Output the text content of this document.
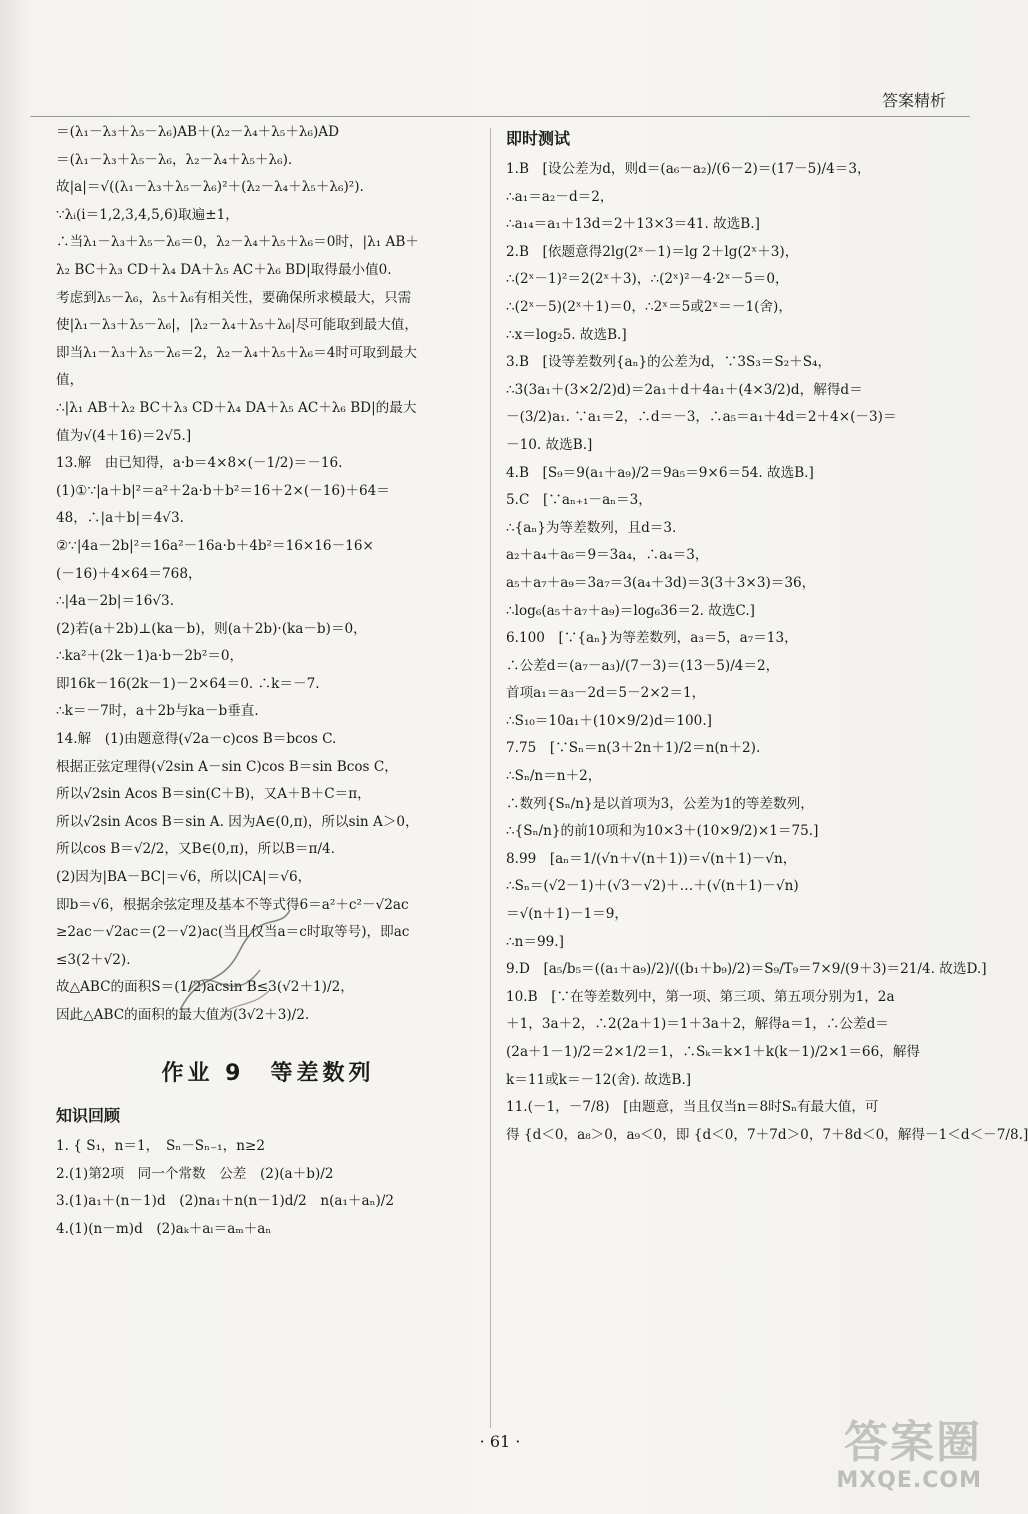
答案精析
＝(λ₁－λ₃＋λ₅－λ₆)AB＋(λ₂－λ₄＋λ₅＋λ₆)AD
＝(λ₁－λ₃＋λ₅－λ₆，λ₂－λ₄＋λ₅＋λ₆).
故|a|＝√((λ₁－λ₃＋λ₅－λ₆)²＋(λ₂－λ₄＋λ₅＋λ₆)²).
∵λᵢ(i＝1,2,3,4,5,6)取遍±1，
∴当λ₁－λ₃＋λ₅－λ₆＝0，λ₂－λ₄＋λ₅＋λ₆＝0时，|λ₁ AB＋
λ₂ BC＋λ₃ CD＋λ₄ DA＋λ₅ AC＋λ₆ BD|取得最小值0.
考虑到λ₅－λ₆，λ₅＋λ₆有相关性，要确保所求模最大，只需
使|λ₁－λ₃＋λ₅－λ₆|，|λ₂－λ₄＋λ₅＋λ₆|尽可能取到最大值，
即当λ₁－λ₃＋λ₅－λ₆＝2，λ₂－λ₄＋λ₅＋λ₆＝4时可取到最大
值，
∴|λ₁ AB＋λ₂ BC＋λ₃ CD＋λ₄ DA＋λ₅ AC＋λ₆ BD|的最大
值为√(4＋16)＝2√5.]
13.解　由已知得，a·b＝4×8×(－1/2)＝－16.
(1)①∵|a＋b|²＝a²＋2a·b＋b²＝16＋2×(－16)＋64＝
48，∴|a＋b|＝4√3.
②∵|4a－2b|²＝16a²－16a·b＋4b²＝16×16－16×
(－16)＋4×64＝768，
∴|4a－2b|＝16√3.
(2)若(a＋2b)⊥(ka－b)，则(a＋2b)·(ka－b)＝0，
∴ka²＋(2k－1)a·b－2b²＝0，
即16k－16(2k－1)－2×64＝0. ∴k＝－7.
∴k＝－7时，a＋2b与ka－b垂直.
14.解　(1)由题意得(√2a－c)cos B＝bcos C.
根据正弦定理得(√2sin A－sin C)cos B＝sin Bcos C，
所以√2sin Acos B＝sin(C＋B)，又A＋B＋C＝π，
所以√2sin Acos B＝sin A. 因为A∈(0,π)，所以sin A＞0，
所以cos B＝√2/2，又B∈(0,π)，所以B＝π/4.
(2)因为|BA－BC|＝√6，所以|CA|＝√6，
即b＝√6，根据余弦定理及基本不等式得6＝a²＋c²－√2ac
≥2ac－√2ac＝(2－√2)ac(当且仅当a＝c时取等号)，即ac
≤3(2＋√2).
故△ABC的面积S＝(1/2)acsin B≤3(√2＋1)/2，
因此△ABC的面积的最大值为(3√2＋3)/2.
作业 9　等差数列
知识回顾
1. { S₁，n＝1，　Sₙ－Sₙ₋₁，n≥2
2.(1)第2项　同一个常数　公差　(2)(a＋b)/2
3.(1)a₁＋(n－1)d　(2)na₁＋n(n－1)d/2　n(a₁＋aₙ)/2
4.(1)(n－m)d　(2)aₖ＋aₗ＝aₘ＋aₙ
即时测试
1.B　[设公差为d，则d＝(a₆－a₂)/(6－2)＝(17－5)/4＝3，
∴a₁＝a₂－d＝2，
∴a₁₄＝a₁＋13d＝2＋13×3＝41. 故选B.]
2.B　[依题意得2lg(2ˣ－1)＝lg 2＋lg(2ˣ＋3)，
∴(2ˣ－1)²＝2(2ˣ＋3)，∴(2ˣ)²－4·2ˣ－5＝0，
∴(2ˣ－5)(2ˣ＋1)＝0，∴2ˣ＝5或2ˣ＝－1(舍)，
∴x＝log₂5. 故选B.]
3.B　[设等差数列{aₙ}的公差为d，∵3S₃＝S₂＋S₄，
∴3(3a₁＋(3×2/2)d)＝2a₁＋d＋4a₁＋(4×3/2)d，解得d＝
－(3/2)a₁. ∵a₁＝2，∴d＝－3，∴a₅＝a₁＋4d＝2＋4×(－3)＝
－10. 故选B.]
4.B　[S₉＝9(a₁＋a₉)/2＝9a₅＝9×6＝54. 故选B.]
5.C　[∵aₙ₊₁－aₙ＝3，
∴{aₙ}为等差数列，且d＝3.
a₂＋a₄＋a₆＝9＝3a₄，∴a₄＝3，
a₅＋a₇＋a₉＝3a₇＝3(a₄＋3d)＝3(3＋3×3)＝36，
∴log₆(a₅＋a₇＋a₉)＝log₆36＝2. 故选C.]
6.100　[∵{aₙ}为等差数列，a₃＝5，a₇＝13，
∴公差d＝(a₇－a₃)/(7－3)＝(13－5)/4＝2，
首项a₁＝a₃－2d＝5－2×2＝1，
∴S₁₀＝10a₁＋(10×9/2)d＝100.]
7.75　[∵Sₙ＝n(3＋2n＋1)/2＝n(n＋2).
∴Sₙ/n＝n＋2，
∴数列{Sₙ/n}是以首项为3，公差为1的等差数列，
∴{Sₙ/n}的前10项和为10×3＋(10×9/2)×1＝75.]
8.99　[aₙ＝1/(√n＋√(n＋1))＝√(n＋1)－√n，
∴Sₙ＝(√2－1)＋(√3－√2)＋…＋(√(n＋1)－√n)
＝√(n＋1)－1＝9，
∴n＝99.]
9.D　[a₅/b₅＝((a₁＋a₉)/2)/((b₁＋b₉)/2)＝S₉/T₉＝7×9/(9＋3)＝21/4. 故选D.]
10.B　[∵在等差数列中，第一项、第三项、第五项分别为1，2a
＋1，3a＋2，∴2(2a＋1)＝1＋3a＋2，解得a＝1，∴公差d＝
(2a＋1－1)/2＝2×1/2＝1，∴Sₖ＝k×1＋k(k－1)/2×1＝66，解得
k＝11或k＝－12(舍). 故选B.]
11.(－1，－7/8)　[由题意，当且仅当n＝8时Sₙ有最大值，可
得 {d＜0，a₈＞0，a₉＜0，即 {d＜0，7＋7d＞0，7＋8d＜0，解得－1＜d＜－7/8.]
· 61 ·	答案圈
MXQE.COM
